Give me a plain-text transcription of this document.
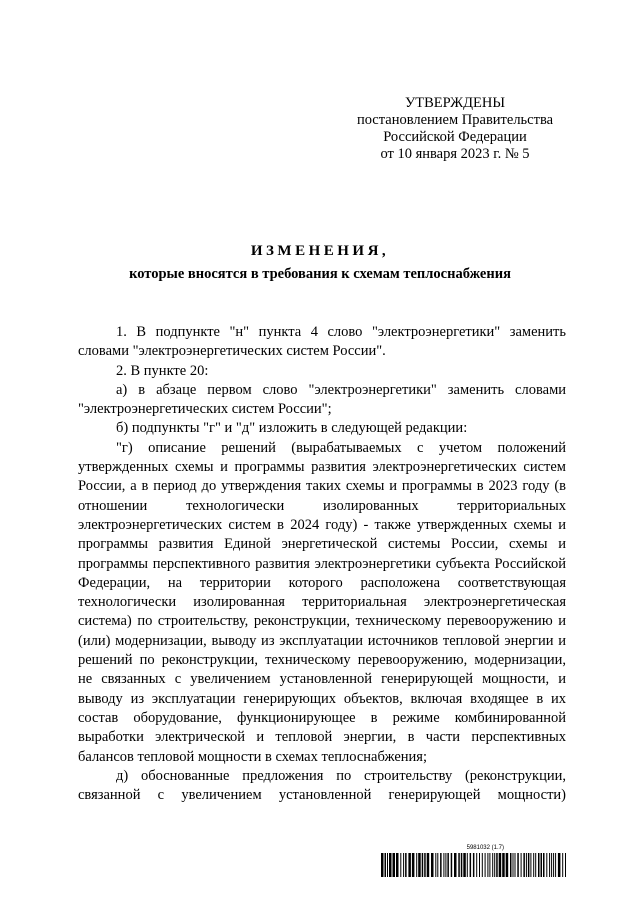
УТВЕРЖДЕНЫ
постановлением Правительства
Российской Федерации
от 10 января 2023 г. № 5
ИЗМЕНЕНИЯ,
которые вносятся в требования к схемам теплоснабжения

1. В подпункте "н" пункта 4 слово "электроэнергетики" заменить словами "электроэнергетических систем России".

2. В пункте 20:

а) в абзаце первом слово "электроэнергетики" заменить словами "электроэнергетических систем России";

б) подпункты "г" и "д" изложить в следующей редакции:

"г) описание решений (вырабатываемых с учетом положений утвержденных схемы и программы развития электроэнергетических систем России, а в период до утверждения таких схемы и программы в 2023 году (в отношении технологически изолированных территориальных электроэнергетических систем в 2024 году) - также утвержденных схемы и программы развития Единой энергетической системы России, схемы и программы перспективного развития электроэнергетики субъекта Российской Федерации, на территории которого расположена соответствующая технологически изолированная территориальная электроэнергетическая система) по строительству, реконструкции, техническому перевооружению и (или) модернизации, выводу из эксплуатации источников тепловой энергии и решений по реконструкции, техническому перевооружению, модернизации, не связанных с увеличением установленной генерирующей мощности, и выводу из эксплуатации генерирующих объектов, включая входящее в их состав оборудование, функционирующее в режиме комбинированной выработки электрической и тепловой энергии, в части перспективных балансов тепловой мощности в схемах теплоснабжения;

д) обоснованные предложения по строительству (реконструкции, связанной с увеличением установленной генерирующей мощности)

5981032 (1.7)
